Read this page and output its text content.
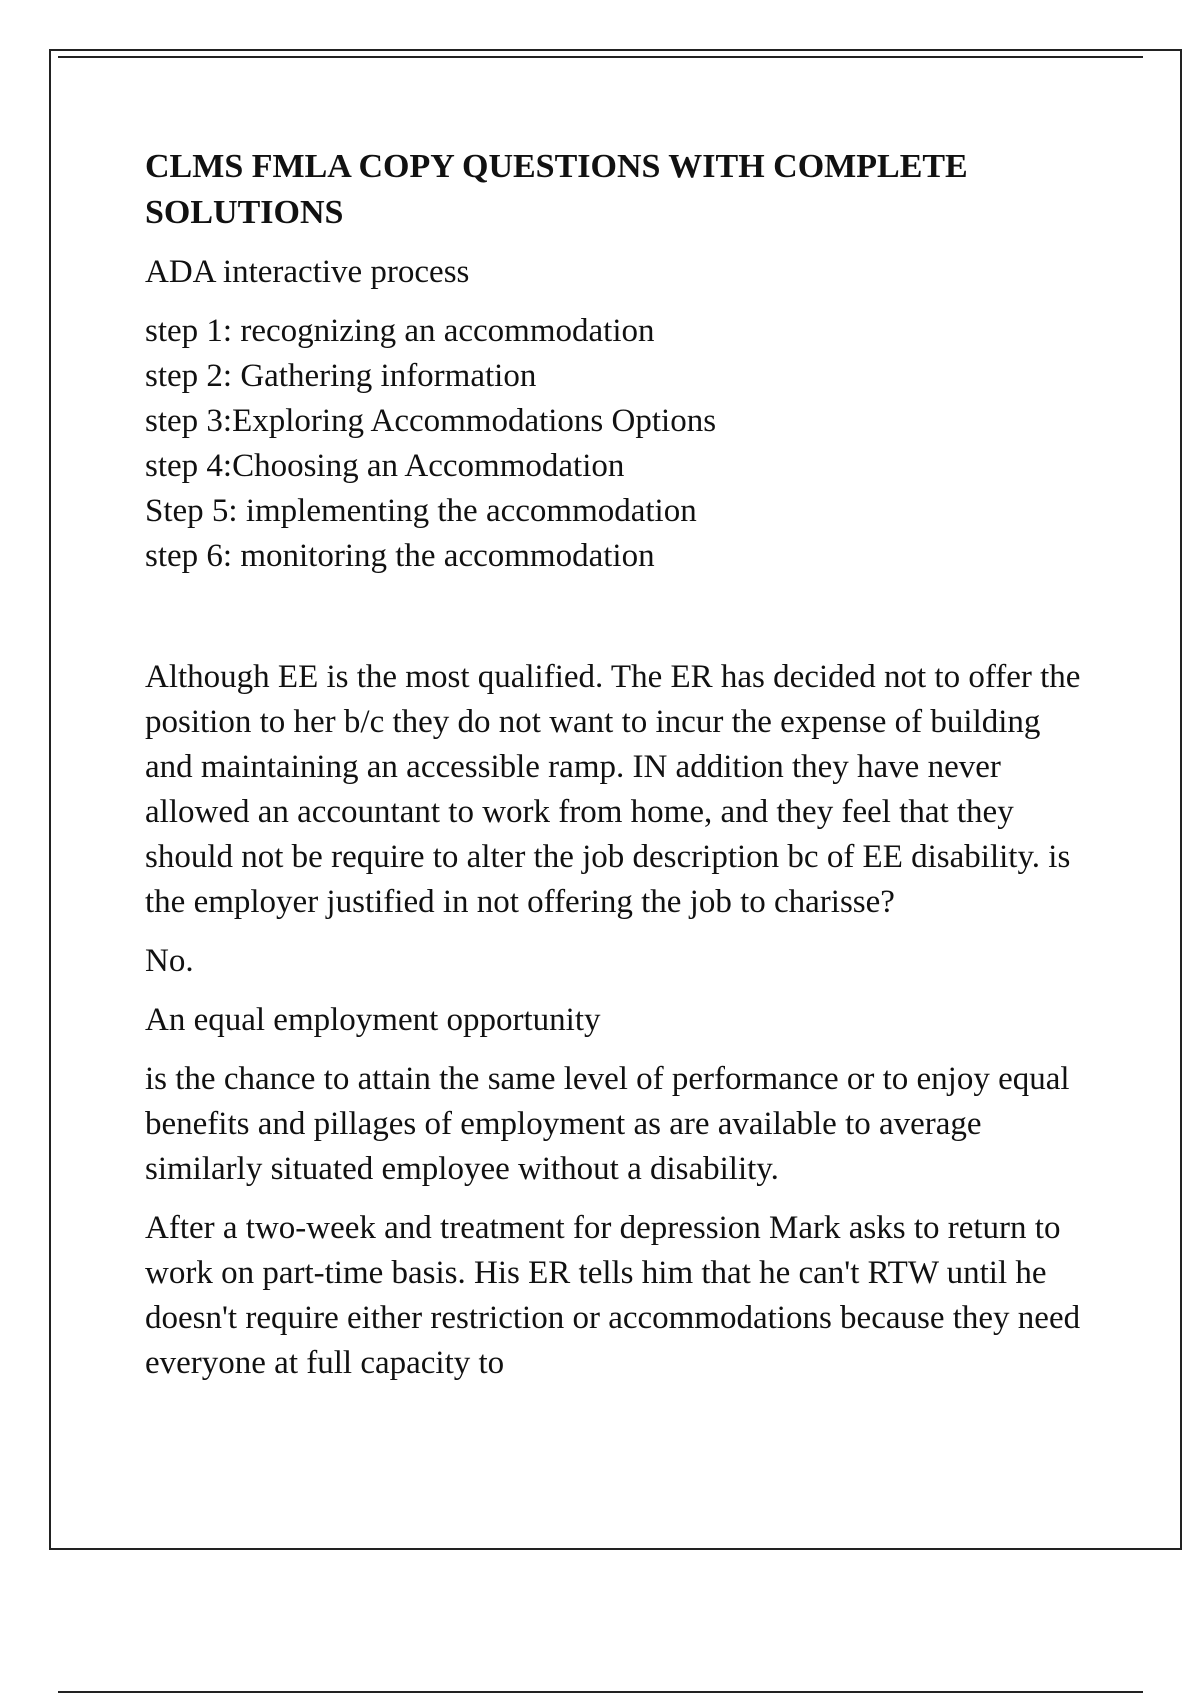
CLMS FMLA COPY QUESTIONS WITH COMPLETE SOLUTIONS

ADA interactive process

step 1: recognizing an accommodation
step 2: Gathering information
step 3:Exploring Accommodations Options
step 4:Choosing an Accommodation
Step 5: implementing the accommodation
step 6: monitoring the accommodation

Although EE is the most qualified. The ER has decided not to offer the position to her b/c they do not want to incur the expense of building and maintaining an accessible ramp. IN addition they have never allowed an accountant to work from home, and they feel that they should not be require to alter the job description bc of EE disability. is the employer justified in not offering the job to charisse?

No.

An equal employment opportunity

is the chance to attain the same level of performance or to enjoy equal benefits and pillages of employment as are available to average similarly situated employee without a disability.

After a two-week and treatment for depression Mark asks to return to work on part-time basis. His ER tells him that he can't RTW until he doesn't require either restriction or accommodations because they need everyone at full capacity to
